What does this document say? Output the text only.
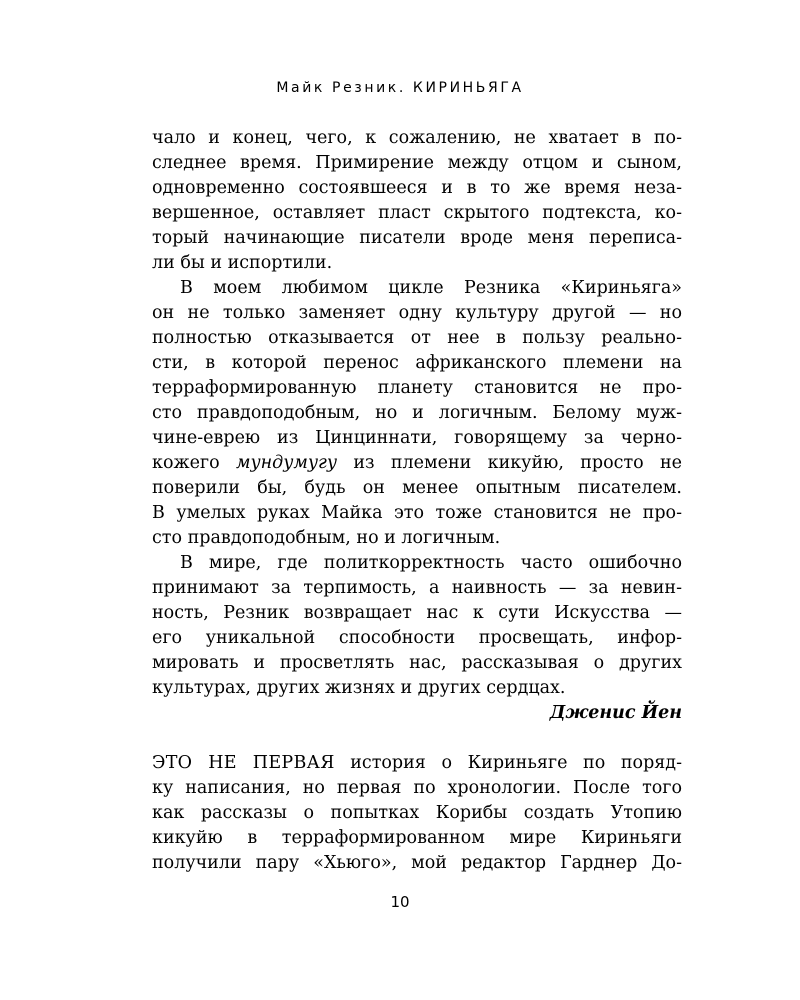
Майк Резник. КИРИНЬЯГА
чало и конец, чего, к сожалению, не хватает в по-
следнее время. Примирение между отцом и сыном,
одновременно состоявшееся и в то же время неза-
вершенное, оставляет пласт скрытого подтекста, ко-
торый начинающие писатели вроде меня переписа-
ли бы и испортили.
В моем любимом цикле Резника «Кириньяга»
он не только заменяет одну культуру другой — но
полностью отказывается от нее в пользу реально-
сти, в которой перенос африканского племени на
терраформированную планету становится не про-
сто правдоподобным, но и логичным. Белому муж-
чине-еврею из Цинциннати, говорящему за черно-
кожего мундумугу из племени кикуйю, просто не
поверили бы, будь он менее опытным писателем.
В умелых руках Майка это тоже становится не про-
сто правдоподобным, но и логичным.
В мире, где политкорректность часто ошибочно
принимают за терпимость, а наивность — за невин-
ность, Резник возвращает нас к сути Искусства —
его уникальной способности просвещать, инфор-
мировать и просветлять нас, рассказывая о других
культурах, других жизнях и других сердцах.
Дженис Йен
ЭТО НЕ ПЕРВАЯ история о Кириньяге по поряд-
ку написания, но первая по хронологии. После того
как рассказы о попытках Корибы создать Утопию
кикуйю в терраформированном мире Кириньяги
получили пару «Хьюго», мой редактор Гарднер До-
10
